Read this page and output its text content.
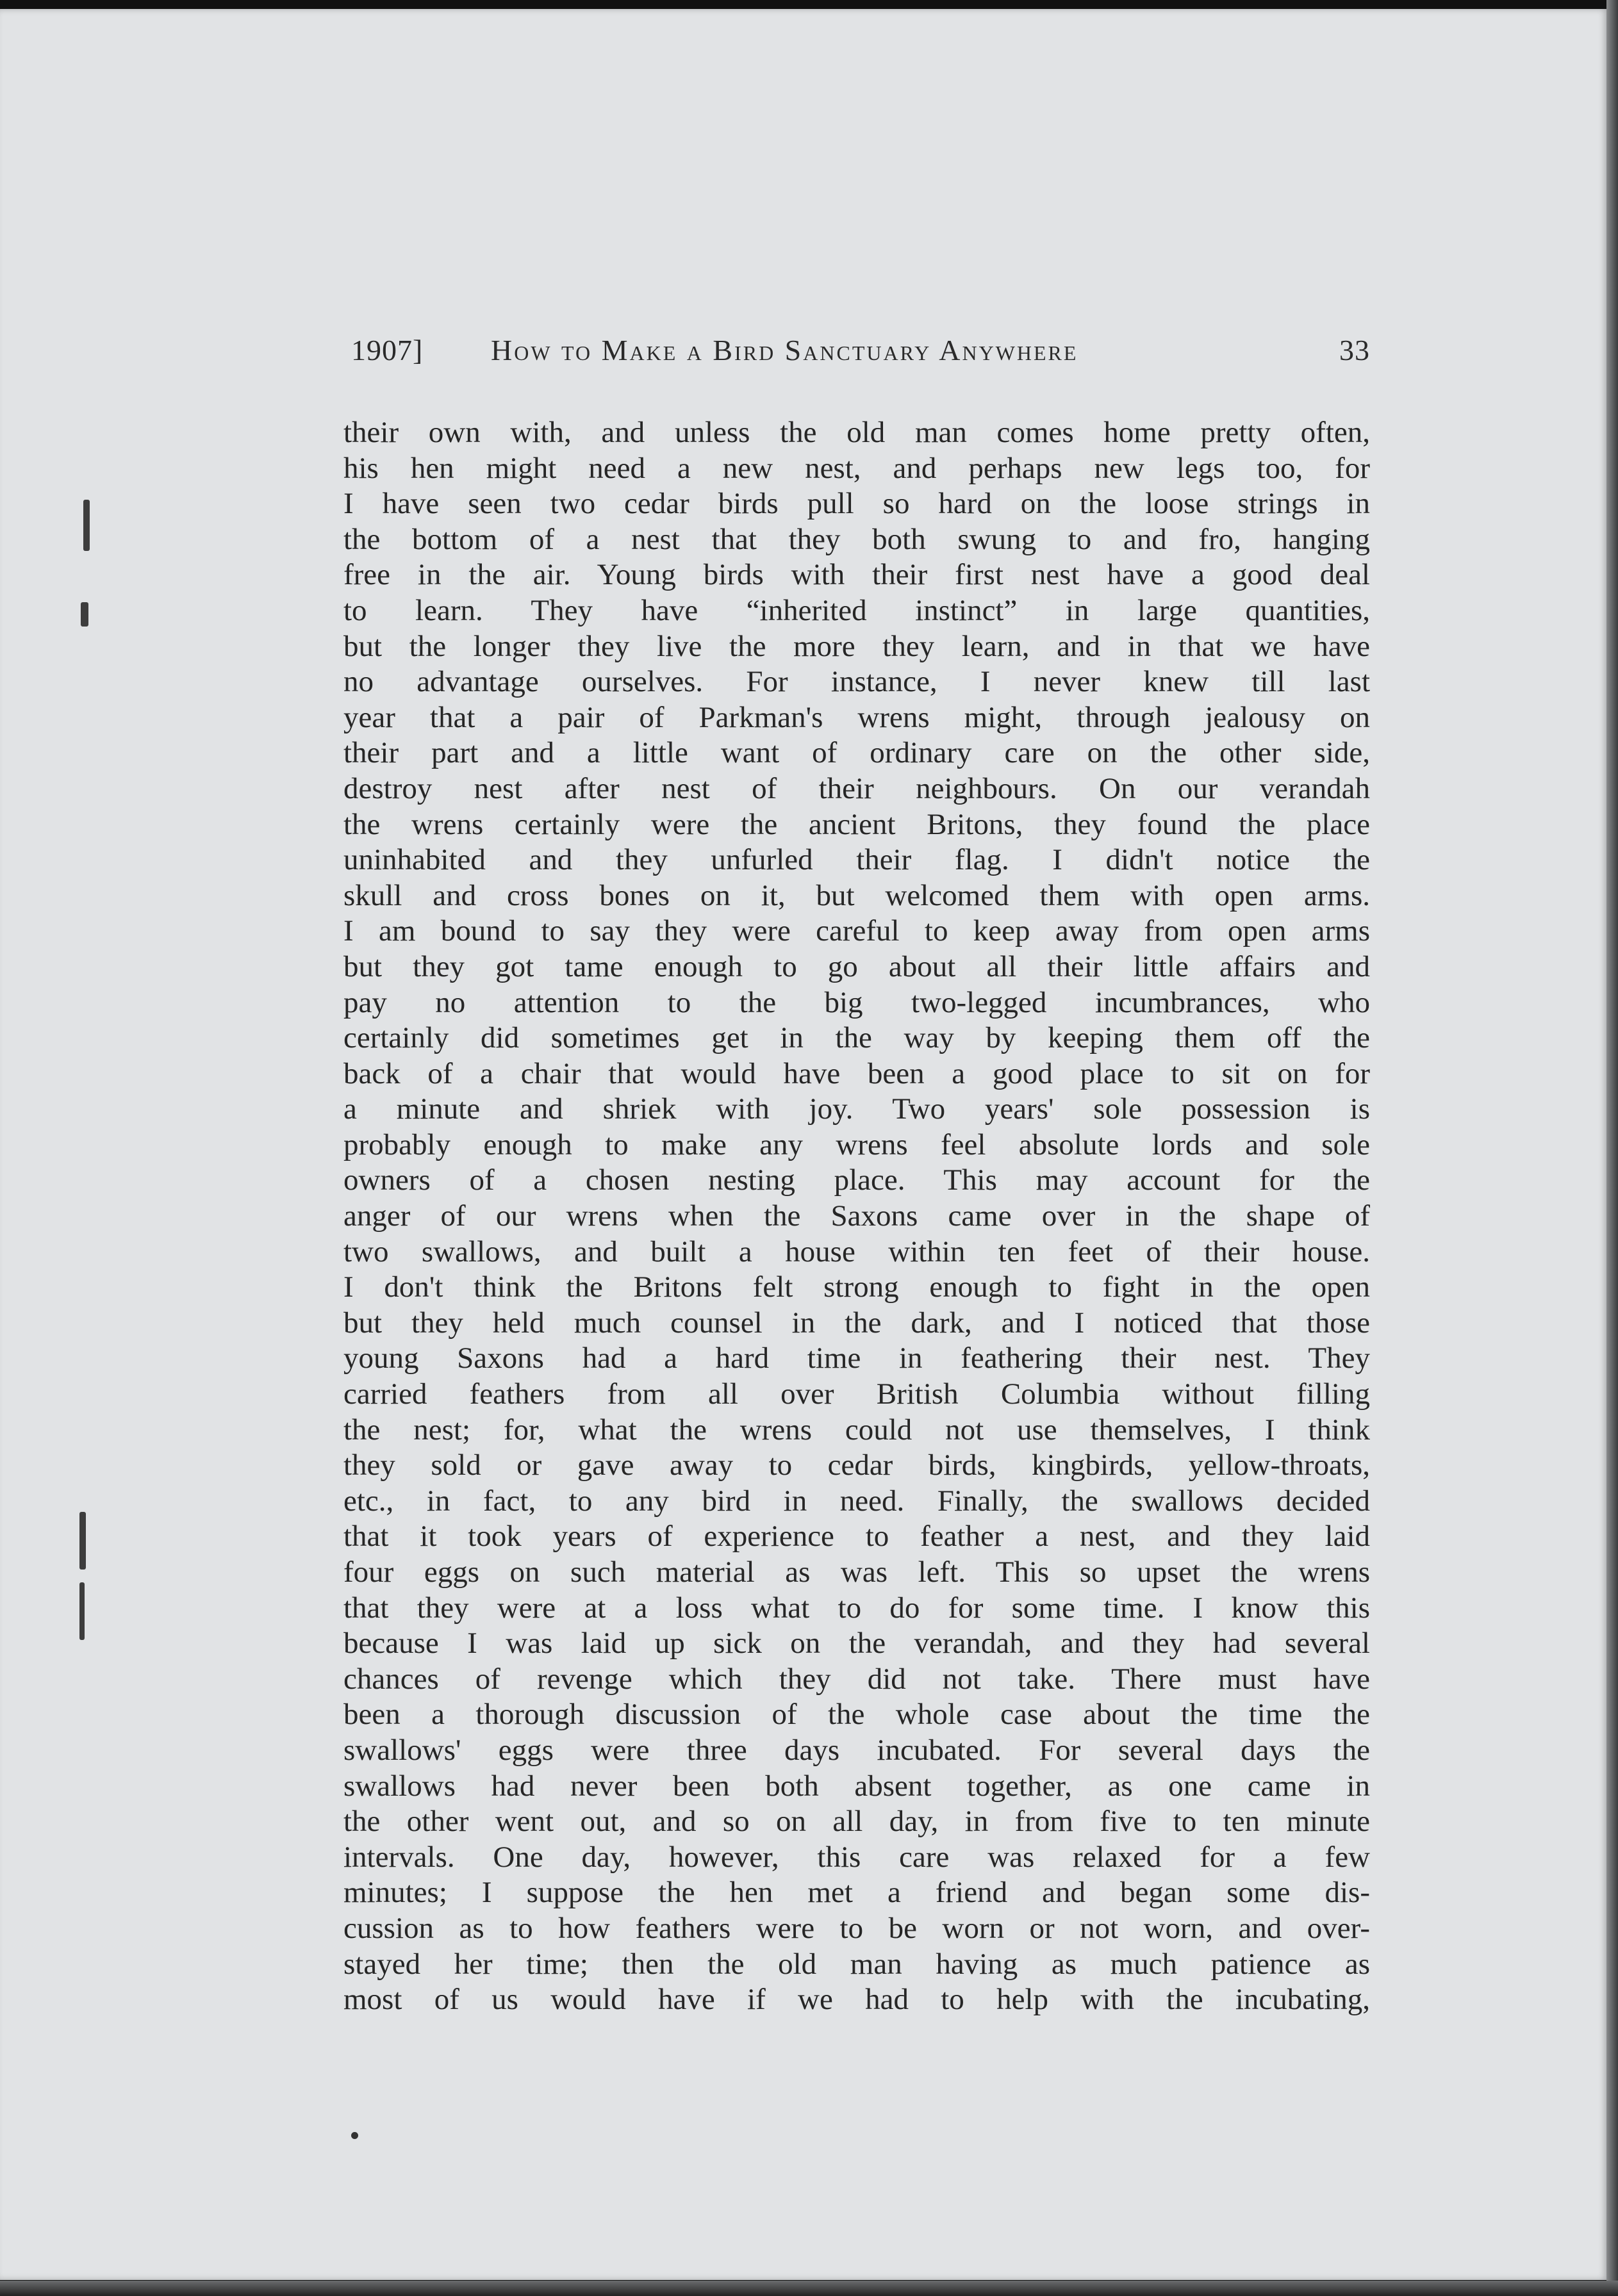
1907] How to Make a Bird Sanctuary Anywhere	33
their own with, and unless the old man comes home pretty often,
his hen might need a new nest, and perhaps new legs too, for
I have seen two cedar birds pull so hard on the loose strings in
the bottom of a nest that they both swung to and fro, hanging
free in the air. Young birds with their first nest have a good deal
to learn. They have “inherited instinct” in large quantities,
but the longer they live the more they learn, and in that we have
no advantage ourselves. For instance, I never knew till last
year that a pair of Parkman's wrens might, through jealousy on
their part and a little want of ordinary care on the other side,
destroy nest after nest of their neighbours. On our verandah
the wrens certainly were the ancient Britons, they found the place
uninhabited and they unfurled their flag. I didn't notice the
skull and cross bones on it, but welcomed them with open arms.
I am bound to say they were careful to keep away from open arms
but they got tame enough to go about all their little affairs and
pay no attention to the big two-legged incumbrances, who
certainly did sometimes get in the way by keeping them off the
back of a chair that would have been a good place to sit on for
a minute and shriek with joy. Two years' sole possession is
probably enough to make any wrens feel absolute lords and sole
owners of a chosen nesting place. This may account for the
anger of our wrens when the Saxons came over in the shape of
two swallows, and built a house within ten feet of their house.
I don't think the Britons felt strong enough to fight in the open
but they held much counsel in the dark, and I noticed that those
young Saxons had a hard time in feathering their nest. They
carried feathers from all over British Columbia without filling
the nest; for, what the wrens could not use themselves, I think
they sold or gave away to cedar birds, kingbirds, yellow-throats,
etc., in fact, to any bird in need. Finally, the swallows decided
that it took years of experience to feather a nest, and they laid
four eggs on such material as was left. This so upset the wrens
that they were at a loss what to do for some time. I know this
because I was laid up sick on the verandah, and they had several
chances of revenge which they did not take. There must have
been a thorough discussion of the whole case about the time the
swallows' eggs were three days incubated. For several days the
swallows had never been both absent together, as one came in
the other went out, and so on all day, in from five to ten minute
intervals. One day, however, this care was relaxed for a few
minutes; I suppose the hen met a friend and began some dis-
cussion as to how feathers were to be worn or not worn, and over-
stayed her time; then the old man having as much patience as
most of us would have if we had to help with the incubating,
